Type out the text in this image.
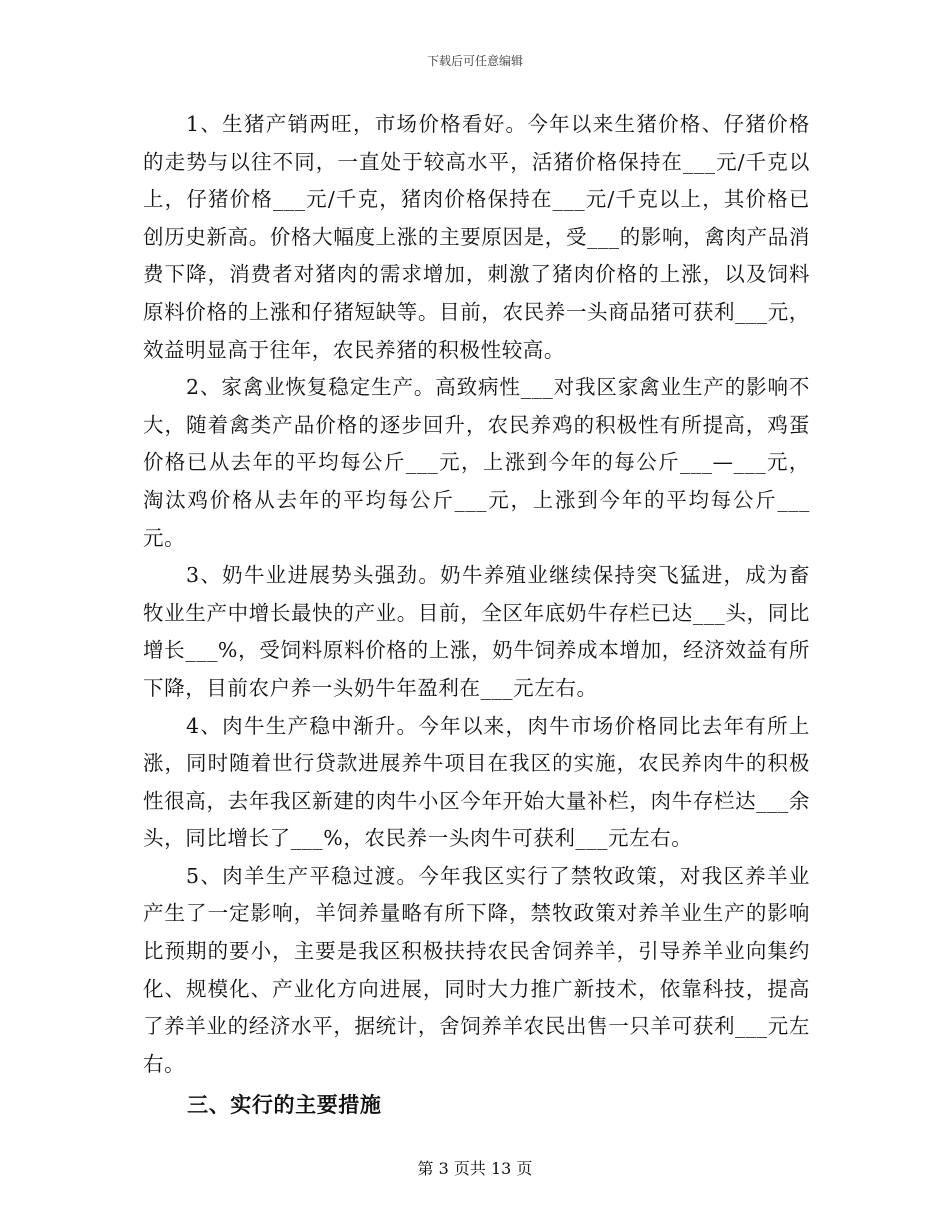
下载后可任意编辑

1、生猪产销两旺，市场价格看好。今年以来生猪价格、仔猪价格的走势与以往不同，一直处于较高水平，活猪价格保持在___元/千克以上，仔猪价格___元/千克，猪肉价格保持在___元/千克以上，其价格已创历史新高。价格大幅度上涨的主要原因是，受___的影响，禽肉产品消费下降，消费者对猪肉的需求增加，刺激了猪肉价格的上涨，以及饲料原料价格的上涨和仔猪短缺等。目前，农民养一头商品猪可获利___元，效益明显高于往年，农民养猪的积极性较高。

2、家禽业恢复稳定生产。高致病性___对我区家禽业生产的影响不大，随着禽类产品价格的逐步回升，农民养鸡的积极性有所提高，鸡蛋价格已从去年的平均每公斤___元，上涨到今年的每公斤___—___元，淘汰鸡价格从去年的平均每公斤___元，上涨到今年的平均每公斤___元。

3、奶牛业进展势头强劲。奶牛养殖业继续保持突飞猛进，成为畜牧业生产中增长最快的产业。目前，全区年底奶牛存栏已达___头，同比增长___%，受饲料原料价格的上涨，奶牛饲养成本增加，经济效益有所下降，目前农户养一头奶牛年盈利在___元左右。

4、肉牛生产稳中渐升。今年以来，肉牛市场价格同比去年有所上涨，同时随着世行贷款进展养牛项目在我区的实施，农民养肉牛的积极性很高，去年我区新建的肉牛小区今年开始大量补栏，肉牛存栏达___余头，同比增长了___%，农民养一头肉牛可获利___元左右。

5、肉羊生产平稳过渡。今年我区实行了禁牧政策，对我区养羊业产生了一定影响，羊饲养量略有所下降，禁牧政策对养羊业生产的影响比预期的要小，主要是我区积极扶持农民舍饲养羊，引导养羊业向集约化、规模化、产业化方向进展，同时大力推广新技术，依靠科技，提高了养羊业的经济水平，据统计，舍饲养羊农民出售一只羊可获利___元左右。

三、实行的主要措施
第 3 页共 13 页
